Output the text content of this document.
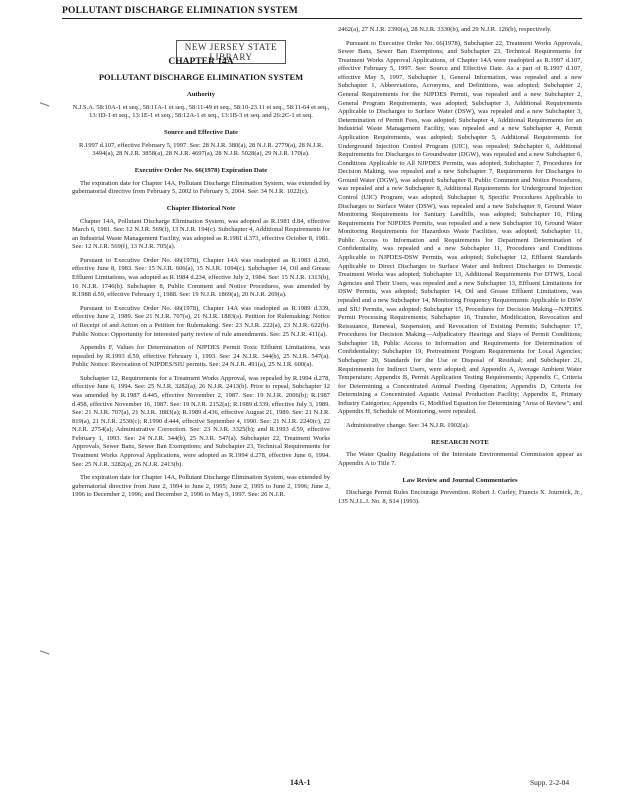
POLLUTANT DISCHARGE ELIMINATION SYSTEM
NEW JERSEY STATE LIBRARY
CHAPTER 14A
POLLUTANT DISCHARGE ELIMINATION SYSTEM
Authority

N.J.S.A. 58:10A-1 et seq., 58:11A-1 et seq., 58:11-49 et seq., 58:10-23.11 et seq., 58:11-64 et seq., 13:1D-1 et seq., 13:1E-1 et seq., 58:12A-1 et seq., 13:1B-3 et seq. and 26:2C-1 et seq.

Source and Effective Date

R.1997 d.107, effective February 5, 1997. See: 28 N.J.R. 380(a), 28 N.J.R. 2779(a), 28 N.J.R. 3494(a), 28 N.J.R. 3858(a), 28 N.J.R. 4697(a), 28 N.J.R. 5028(a), 29 N.J.R. 170(a).

Executive Order No. 66(1978) Expiration Date

The expiration date for Chapter 14A, Pollutant Discharge Elimination System, was extended by gubernatorial directive from February 5, 2002 to February 5, 2004. See: 34 N.J.R. 1022(c).

Chapter Historical Note

Chapter 14A, Pollutant Discharge Elimination System, was adopted as R.1981 d.84, effective March 6, 1981. See: 12 N.J.R. 569(f), 13 N.J.R. 194(c). Subchapter 4, Additional Requirements for an Industrial Waste Management Facility, was adopted as R.1981 d.373, effective October 8, 1981. See: 12 N.J.R. 569(f), 13 N.J.R. 705(a).

Pursuant to Executive Order No. 66(1978), Chapter 14A was readopted as R.1983 d.260, effective June 8, 1983. See: 15 N.J.R. 606(a), 15 N.J.R. 1094(c). Subchapter 14, Oil and Grease Effluent Limitations, was adopted as R.1984 d.234, effective July 2, 1984. See: 15 N.J.R. 1313(b), 16 N.J.R. 1746(b). Subchapter 8, Public Comment and Notice Procedures, was amended by R.1988 d.59, effective February 1, 1988. See: 19 N.J.R. 1869(a), 20 N.J.R. 269(a).

Pursuant to Executive Order No. 66(1978), Chapter 14A was readopted as R.1989 d.339, effective June 2, 1989. See 21 N.J.R. 707(a), 21 N.J.R. 1883(a). Petition for Rulemaking: Notice of Receipt of and Action on a Petition for Rulemaking. See: 23 N.J.R. 222(a), 23 N.J.R. 622(b). Public Notice: Opportunity for interested party review of rule amendments. See: 25 N.J.R. 411(a).

Appendix F, Values for Determination of NJPDES Permit Toxic Effluent Limitations, was repealed by R.1993 d.59, effective February 1, 1993. See: 24 N.J.R. 344(b), 25 N.J.R. 547(a). Public Notice: Revocation of NJPDES/SIU permits. See: 24 N.J.R. 491(a), 25 N.J.R. 600(a).

Subchapter 12, Requirements for a Treatment Works Approval, was repealed by R.1994 d.278, effective June 6, 1994. See: 25 N.J.R. 3282(a), 26 N.J.R. 2413(b). Prior to repeal, Subchapter 12 was amended by R.1987 d.445, effective November 2, 1987. See: 19 N.J.R. 2006(b); R.1987 d.458, effective November 16, 1987. See: 19 N.J.R. 2152(a); R.1989 d.339, effective July 3, 1989. See: 21 N.J.R. 707(a), 21 N.J.R. 1883(a); R.1989 d.436, effective August 21, 1989. See: 21 N.J.R. 819(a), 21 N.J.R. 2530(c); R.1990 d.444, effective September 4, 1990. See: 21 N.J.R. 2240(c), 22 N.J.R. 2754(a); Administrative Correction. See: 23 N.J.R. 3325(b); and R.1993 d.59, effective February 1, 1993. See: 24 N.J.R. 344(b), 25 N.J.R. 547(a). Subchapter 22, Treatment Works Approvals, Sewer Bans, Sewer Ban Exemptions; and Subchapter 23, Technical Requirements for Treatment Works Approval Applications, were adopted as R.1994 d.278, effective June 6, 1994. See: 25 N.J.R. 3282(a), 26 N.J.R. 2413(b).

The expiration date for Chapter 14A, Pollutant Discharge Elimination System, was extended by gubernatorial directive from June 2, 1994 to June 2, 1995; June 2, 1995 to June 2, 1996; June 2, 1996 to December 2, 1996; and December 2, 1996 to May 5, 1997. See: 26 N.J.R.

2462(a), 27 N.J.R. 2390(a), 28 N.J.R. 3330(b), and 29 N.J.R. 126(b), respectively.

Pursuant to Executive Order No. 66(1978), Subchapter 22, Treatment Works Approvals, Sewer Bans, Sewer Ban Exemptions; and Subchapter 23, Technical Requirements for Treatment Works Approval Applications, of Chapter 14A were readopted as R.1997 d.107, effective February 5, 1997. See: Source and Effective Date. As a part of R.1997 d.107, effective May 5, 1997, Subchapter 1, General Information, was repealed and a new Subchapter 1, Abbreviations, Acronyms, and Definitions, was adopted; Subchapter 2, General Requirements for the NJPDES Permit, was repealed and a new Subchapter 2, General Program Requirements, was adopted; Subchapter 3, Additional Requirements Applicable to Discharges to Surface Water (DSW), was repealed and a new Subchapter 3, Determination of Permit Fees, was adopted; Subchapter 4, Additional Requirements for an Industrial Waste Management Facility, was repealed and a new Subchapter 4, Permit Application Requirements, was adopted; Subchapter 5, Additional Requirements for Underground Injection Control Program (UIC), was repealed; Subchapter 6, Additional Requirements for Discharges to Groundwater (DGW), was repealed and a new Subchapter 6, Conditions Applicable to All NJPDES Permits, was adopted; Subchapter 7, Procedures for Decision Making, was repealed and a new Subchapter 7, Requirements for Discharges to Ground Water (DGW), was adopted; Subchapter 8, Public Comment and Notice Procedures, was repealed and a new Subchapter 8, Additional Requirements for Underground Injection Control (UIC) Program, was adopted; Subchapter 9, Specific Procedures Applicable to Discharges to Surface Water (DSW), was repealed and a new Subchapter 9, Ground Water Monitoring Requirements for Sanitary Landfills, was adopted; Subchapter 10, Filing Requirements For NJPDES Permits, was repealed and a new Subchapter 10, Ground Water Monitoring Requirements for Hazardous Waste Facilities, was adopted; Subchapter 11, Public Access to Information and Requirements for Department Determination of Confidentiality, was repealed and a new Subchapter 11, Procedures and Conditions Applicable to NJPDES-DSW Permits, was adopted; Subchapter 12, Effluent Standards Applicable to Direct Discharges to Surface Water and Indirect Discharges to Domestic Treatment Works was adopted; Subchapter 13, Additional Requirements For DTWS, Local Agencies and Their Users, was repealed and a new Subchapter 13, Effluent Limitations for DSW Permits, was adopted; Subchapter 14, Oil and Grease Effluent Limitations, was repealed and a new Subchapter 14, Monitoring Frequency Requirements Applicable to DSW and SIU Permits, was adopted; Subchapter 15, Procedures for Decision Making—NJPDES Permit Processing Requirements; Subchapter 16, Transfer, Modification, Revocation and Reissuance, Renewal, Suspension, and Revocation of Existing Permits; Subchapter 17, Procedures for Decision Making—Adjudicatory Hearings and Stays of Permit Conditions; Subchapter 18, Public Access to Information and Requirements for Determination of Confidentiality; Subchapter 19, Pretreatment Program Requirements for Local Agencies; Subchapter 20, Standards for the Use or Disposal of Residual; and Subchapter 21, Requirements for Indirect Users, were adopted; and Appendix A, Average Ambient Water Temperature; Appendix B, Permit Application Testing Requirements; Appendix C, Criteria for Determining a Concentrated Animal Feeding Operation; Appendix D, Criteria for Determining a Concentrated Aquatic Animal Production Facility; Appendix E, Primary Industry Categories; Appendix G, Modified Equation for Determining "Area of Review"; and Appendix H, Schedule of Monitoring, were repealed.

Administrative change. See: 34 N.J.R. 1902(a).

RESEARCH NOTE

The Water Quality Regulations of the Interstate Environmental Commission appear as Appendix A to Title 7.

Law Review and Journal Commentaries

Discharge Permit Rules Encourage Prevention. Robert J. Curley, Francis X. Journick, Jr., 135 N.J.L.J. No. 8, S14 (1993).

14A-1	Supp. 2-2-04
